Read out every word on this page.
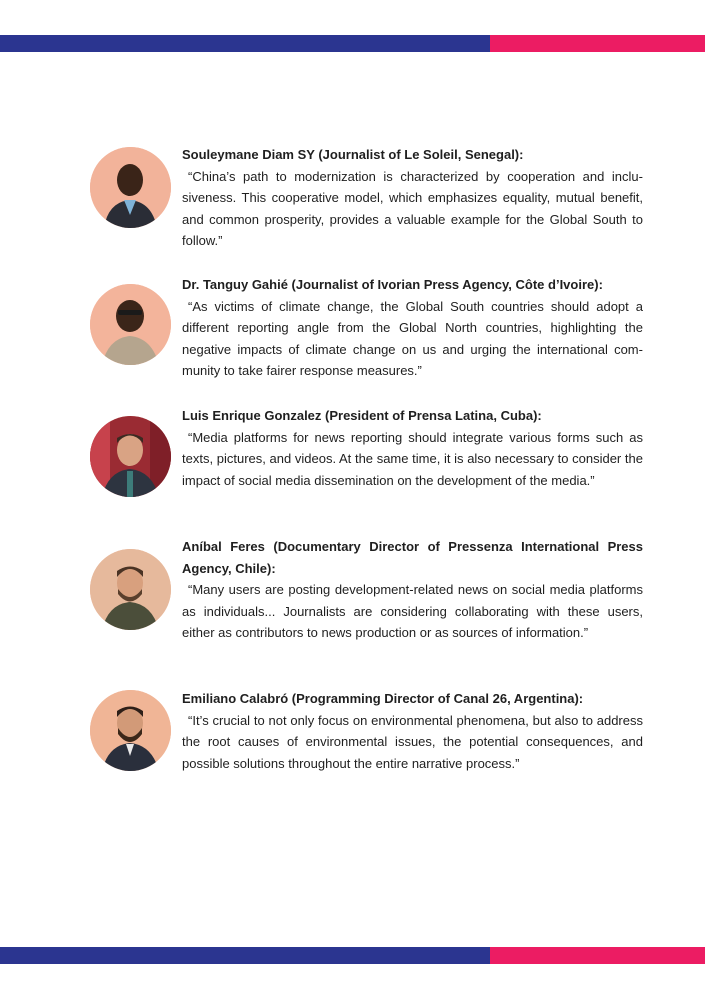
Souleymane Diam SY (Journalist of Le Soleil, Senegal):

“China’s path to modernization is characterized by cooperation and inclusiveness. This cooperative model, which emphasizes equality, mutual benefit, and common prosperity, provides a valuable example for the Global South to follow.”

Dr. Tanguy Gahié (Journalist of Ivorian Press Agency, Côte d’Ivoire):

“As victims of climate change, the Global South countries should adopt a different reporting angle from the Global North countries, highlighting the negative impacts of climate change on us and urging the international community to take fairer response measures.”

Luis Enrique Gonzalez (President of Prensa Latina, Cuba):

“Media platforms for news reporting should integrate various forms such as texts, pictures, and videos. At the same time, it is also necessary to consider the impact of social media dissemination on the development of the media.”

Aníbal Feres (Documentary Director of Pressenza International Press Agency, Chile):

“Many users are posting development-related news on social media platforms as individuals... Journalists are considering collaborating with these users, either as contributors to news production or as sources of information.”

Emiliano Calabró (Programming Director of Canal 26, Argentina):

“It’s crucial to not only focus on environmental phenomena, but also to address the root causes of environmental issues, the potential consequences, and possible solutions throughout the entire narrative process.”
